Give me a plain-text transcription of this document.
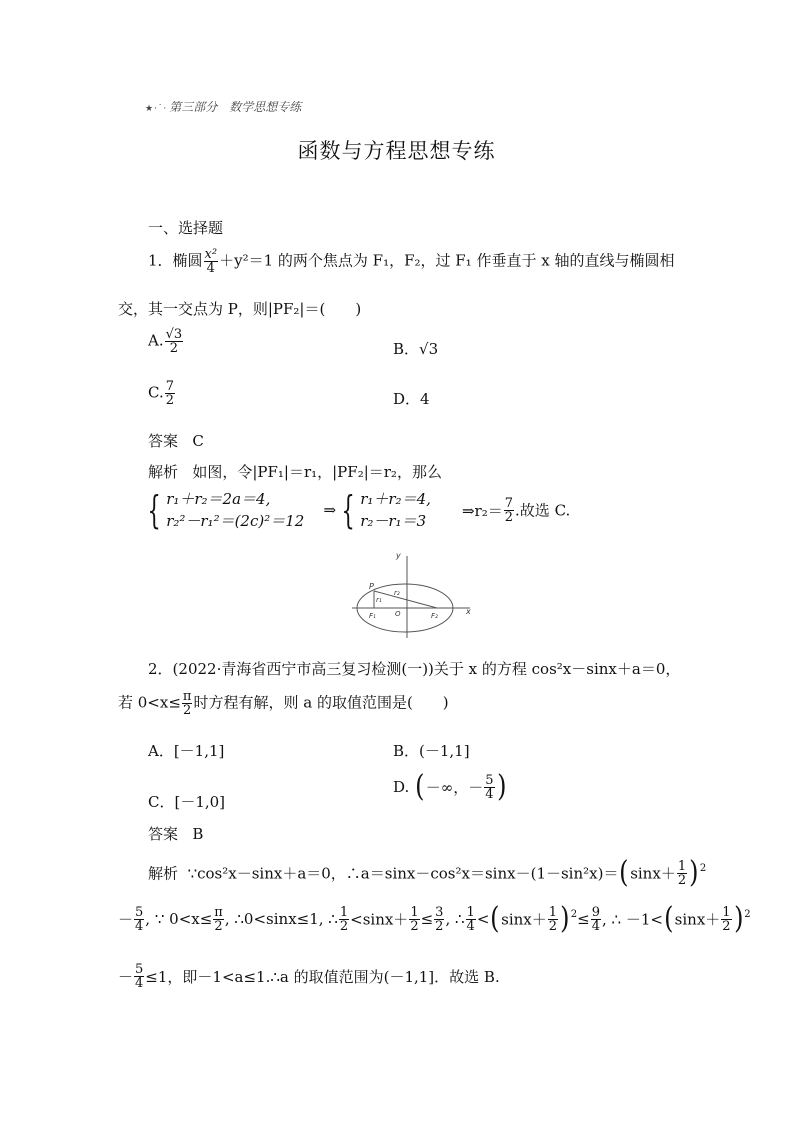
★·˙· 第三部分　数学思想专练
函数与方程思想专练
一、选择题
1．椭圆 $\frac{\text{x²}}{4} +y^2=1$ 的两个焦点为 F₁，F₂，过 F₁ 作垂直于 x 轴的直线与椭圆相
交，其一交点为 P，则|PF₂|＝(　　)
A. $\frac{√3}{2}$	B．√3
C. $\frac{7}{2}$	D．4
答案 C
解析 如图，令|PF₁|＝r₁，|PF₂|＝r₂，那么
{ r₁＋r₂＝2a＝4,
r₂²－r₁²＝(2c)²＝12
⇒ { r₁＋r₂＝4,
r₂－r₁＝3
⇒r₂＝ $\frac{7}{2}$ .故选 C.
y
x
P
r₁
r₂
F₁	O	F₂
2．(2022·青海省西宁市高三复习检测(一))关于 x 的方程 cos²x－sinx＋a＝0，
若 $0<x\le \frac{\pi}{2}$ 时方程有解，则 a 的取值范围是(　　)
A．[－1,1]	B．(－1,1]
C．[－1,0]
D. (－∞，－ $\frac{5}{4}$ )
答案 B
解析 ∵cos²x－sinx＋a＝0，∴a＝sinx－cos²x＝sinx－(1－sin²x)＝(sinx＋ $\frac{1}{2} )^2$
－ $\frac{5}{4}$ , ∵ $0<x\le \frac{\pi}{2}$ , ∴0<sinx≤1, ∴ $\frac{1}{2} <\sin x+ \frac{1}{2} \le \frac{3}{2}$ , ∴ $\frac{1}{4} <(\sin x+ \frac{1}{2} )^2\le \frac{9}{4}$ , ∴ $-1<(\sin x+ \frac{1}{2} )^2$
－ $\frac{5}{4} \le 1$，即－1<a≤1.∴a 的取值范围为(－1,1]．故选 B.
